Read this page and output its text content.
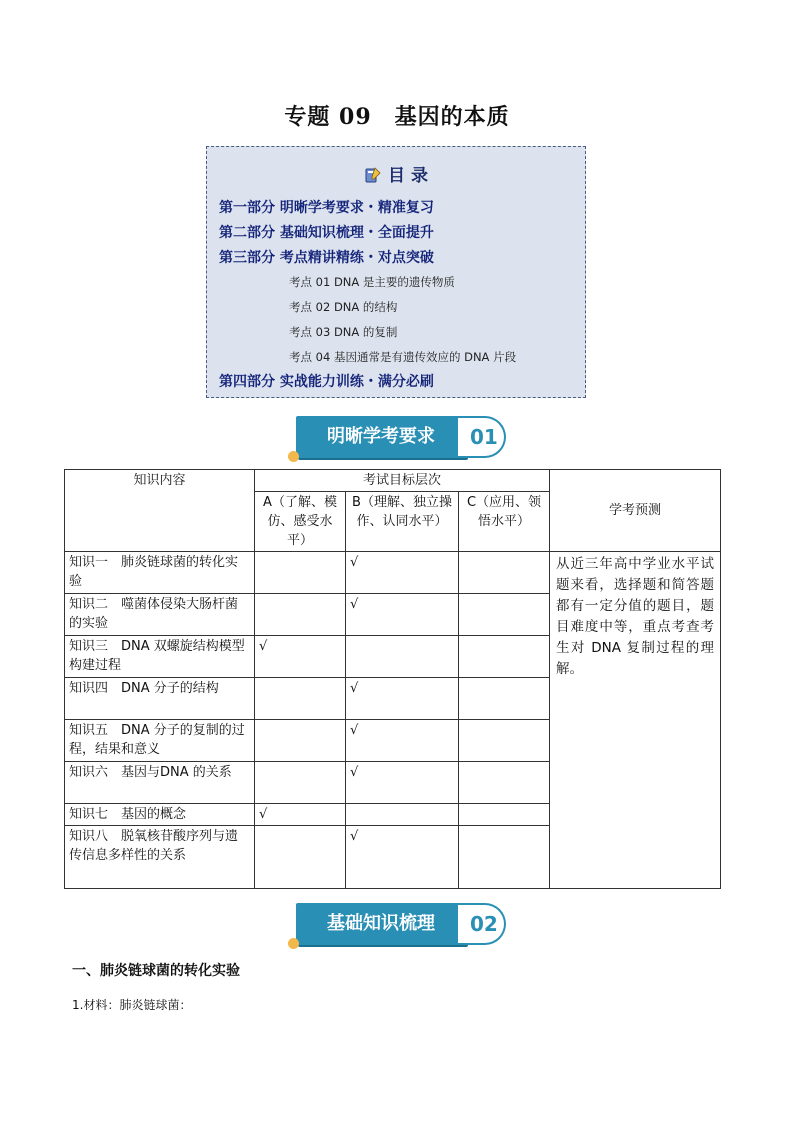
专题 09　基因的本质
目 录
第一部分 明晰学考要求・精准复习
第二部分 基础知识梳理・全面提升
第三部分 考点精讲精练・对点突破
考点 01 DNA 是主要的遗传物质
考点 02 DNA 的结构
考点 03 DNA 的复制
考点 04 基因通常是有遗传效应的 DNA 片段
第四部分 实战能力训练・满分必刷
明晰学考要求	01
知识内容	考试目标层次			学考预测
	A（了解、模仿、感受水平）	B（理解、独立操作、认同水平）	C（应用、领悟水平）	
知识一　肺炎链球菌的转化实验		√		从近三年高中学业水平试题来看，选择题和简答题都有一定分值的题目，题目难度中等，重点考查考生对 DNA 复制过程的理解。
知识二　噬菌体侵染大肠杆菌的实验		√		
知识三　DNA 双螺旋结构模型构建过程	√			
知识四　DNA 分子的结构		√		
知识五　DNA 分子的复制的过程，结果和意义		√		
知识六　基因与DNA 的关系		√		
知识七　基因的概念	√			
知识八　脱氧核苷酸序列与遗传信息多样性的关系		√		
基础知识梳理	02
一、肺炎链球菌的转化实验
1.材料：肺炎链球菌：
